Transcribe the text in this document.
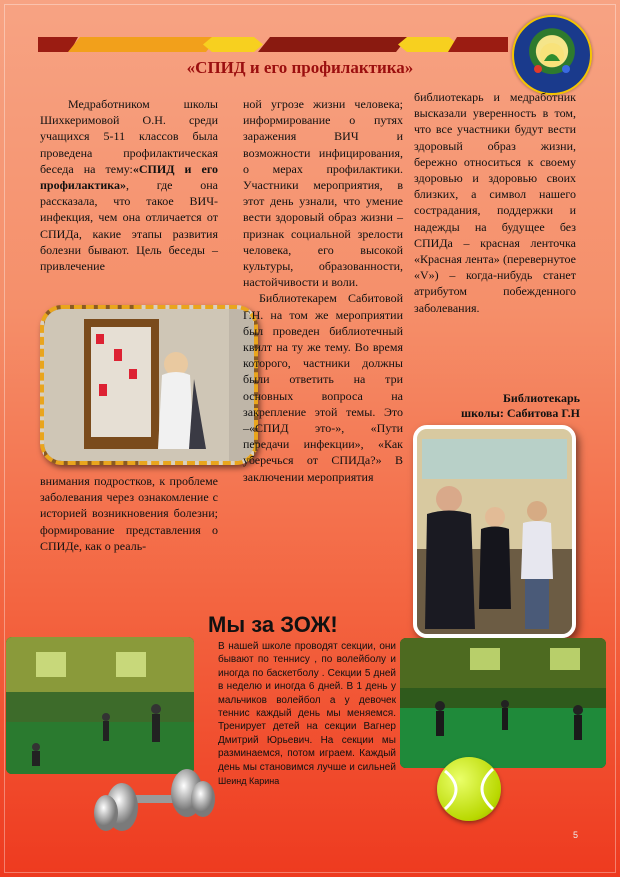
«СПИД и его профилактика»

Медработником школы Шихкеримовой О.Н. среди учащихся 5-11 классов была проведена профилактическая беседа на тему:«СПИД и его профилактика», где она рассказала, что такое ВИЧ-инфекция, чем она отличается от СПИДа, какие этапы развития болезни бывают. Цель беседы – привлечение

внимания подростков, к проблеме заболевания через ознакомление с историей возникновения болезни; формирование представления о СПИДе, как о реаль-

ной угрозе жизни человека; информирование о путях заражения ВИЧ и возможности инфицирования, о мерах профилактики. Участники мероприятия, в этот день узнали, что умение вести здоровый образ жизни – признак социальной зрелости человека, его высокой культуры, образованности, настойчивости и воли.

Библиотекарем Сабитовой Г.Н. на том же мероприятии был проведен библиотечный квилт на ту же тему. Во время которого, частники должны были ответить на три основных вопроса на закрепление этой темы. Это –«СПИД это-», «Пути передачи инфекции», «Как уберечься от СПИДа?» В заключении мероприятия

библиотекарь и медработник высказали уверенность в том, что все участники будут вести здоровый образ жизни, бережно относиться к своему здоровью и здоровью своих близких, а символ нашего сострадания, поддержки и надежды на будущее без СПИДа – красная ленточка «Красная лента» (перевернутое «V») – когда-нибудь станет атрибутом побежденного заболевания.

Библиотекарь
школы: Сабитова Г.Н
Мы за ЗОЖ!
В нашей школе проводят секции, они бывают по теннису , по волейболу и иногда по баскетболу . Секции 5 дней в неделю и иногда 6 дней. В 1 день у мальчиков волейбол а у девочек теннис каждый день мы меняемся. Тренирует детей на секции Вагнер Дмитрий Юрьевич. На секции мы разминаемся, потом играем. Каждый день мы становимся лучше и сильней
Шеинд Карина
5
